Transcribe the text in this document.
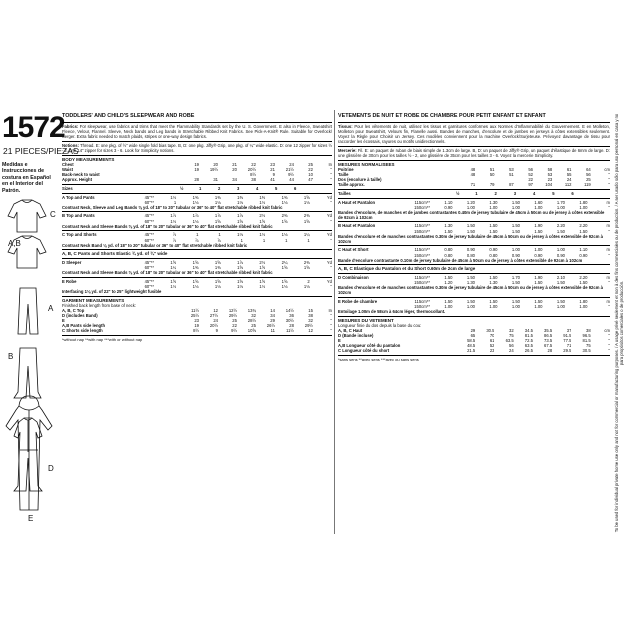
1572
21 PIECES/PIEZAS
Medidas e Instrucciones de costura en Español en el Interior del Patrón.
C
A,B
A
B
D
E
TODDLERS' AND CHILD'S SLEEPWEAR AND ROBE
Fabrics: For sleepwear, use fabrics and trims that meet the Flammability Standards set by the U. S. Government. E also in Fleece, Sweatshirt Fleece, Velour, Flannel. Sleeve, Neck bands and Leg bands in Stretchable Ribbed Knit Fabrics. See Pick-A-Knit® Rule. Suitable for Overlock/ Serger. Extra fabric needed to match plaids, stripes or one-way design fabrics.
Notions: Thread. E: one pkg. of ½" wide single fold bias tape. B, D: one pkg. Jiffy® Grip, one pkg. of ¼" wide elastic. D: one 12 zipper for sizes ½ - 2, one 14" zipper for sizes 3 - 6. Look for Simplicity notions.
BODY MEASUREMENTS
Chest	19	20	21	22	23	24	25	In
Waist	19	19½	20	20½	21	21½	22	"
Back-neck to waist				8½	9	9½	10	"
Approx. Height	28	31	34	38	41	44	47	"
Sizes	½	1	2	3	4	5	6	
A Top and Pants	45"**	1⅛	1⅜	1⅜	1⅜	1⅜	1⅜	1⅝	Yd
	60"**	1	1⅛	1⅛	1⅛	1⅛	1⅛	1⅛	"
Contrast Neck, Sleeve and Leg Bands ⅜ yd. of 18" to 20" tubular or 36" to 40" flat stretchable ribbed knit fabric
B Top and Pants	45"**	1⅞	1⅞	1⅞	1⅞	2⅛	2⅜	2⅜	Yd
	60"**	1⅛	1⅛	1⅝	1⅝	1⅝	1⅝	1⅝	"
Contrast Neck and Sleeve Bands ⅜ yd. of 18" to 20" tubular or 36" to 40" flat stretchable ribbed knit fabric
C Top and Shorts	45"**	⅞	1	1	1⅛	1⅛	1⅛	1¼	Yd
	60"**	⅞	⅞	⅞	1	1	1	1	"
Contrast Neck Band ⅛ yd. of 18" to 20" tubular or 36" to 40" flat stretchable ribbed knit fabric
A, B, C Pants and Shorts Elastic ¾ yd. of ¾" wide
D Sleeper	45"**	1⅝	1⅝	1⅝	1⅞	2⅛	2¼	2⅜	Yd
	60"**	1¼	1⅜	1⅜	1⅝	1⅝	1⅝	1⅝	"
Contrast Neck and Sleeve Bands ⅜ yd. of 18" to 20" tubular or 36" to 40" flat stretchable ribbed knit fabric
E Robe	45"**	1⅝	1⅝	1⅝	1⅝	1⅝	1⅝	2	Yd
	60"**	1⅛	1⅛	1⅛	1⅛	1⅛	1⅛	1⅛	"
Interfacing 1⅛ yd. of 22" to 25" lightweight fusible
GARMENT MEASUREMENTS
Finished back length from base of neck:
A, B, C Top	11½	12	12½	13¾	14	14½	15	In
D (includes Band)	25½	27½	29½	32	34	36	38	"
E	23	24	25	28½	29	30½	32	"
A,B Pants side length	19	20½	22	25	26½	28	29½	"
C Shorts side length	8½	9	9½	10⅝	11	11½	12	"
*without nap **with nap ***with or without nap
VETEMENTS DE NUIT ET ROBE DE CHAMBRE POUR PETIT ENFANT ET ENFANT
Tissus: Pour les vêtements de nuit, utilisez les tissus et garnitures conformes aux Normes d'Inflammabilité du Gouvernement. E en Molleton, Molleton pour Sweatshirt, Velours fin, Flanelle aussi. Bandes de manches, d'encolure et de jambes en jerseys à côtes extensibles seulement. Voyez la Règle pour Choisir un Jersey. Ces modèles conviennent pour la machine Overlock/Surjeteuse. Prévoyez davantage de tissu pour raccorder les écossais, rayures ou motifs unidirectionnels.
Mercerie: Fil. E: un paquet de ruban de biais simple de 1.3cm de large. B, D: un paquet de Jiffy® Grip, un paquet d'élastique de 6mm de large. D: une glissière de 30cm pour les tailles ½ - 2, une glissière de 35cm pour les tailles 3 - 6. Voyez la mercerie Simplicity.
MESURES NORMALISEES
Poitrine	48	51	53	56	58	61	64	cm
Taille	48	50	51	52	53	55	56	"
Dos (encolure à taille)				22	23	24	25	"
Taille approx.	71	79	87	97	104	112	119	"
Tailles	½	1	2	3	4	5	6	
A Haut et Pantalon	115cm**	1.10	1.20	1.30	1.50	1.60	1.70	1.80	m
	150cm**	0.90	1.00	1.00	1.00	1.00	1.00	1.00	"
Bandes d'encolure, de manches et de jambes contrastantes 0.40m de jersey tubulaire de 45cm à 50cm ou de jersey à côtes extensible de 92cm à 102cm
B Haut et Pantalon	115cm**	1.30	1.50	1.50	1.50	1.90	2.20	2.20	m
	150cm**	1.50	1.50	1.50	1.50	1.50	1.50	1.50	"
Bandes d'encolure et de manches contrastantes 0.30m de jersey tubulaire de 45cm à 50cm ou de jersey à côtes extensible de 92cm à 102cm
C Haut et Short	115cm**	0.80	0.90	0.90	1.00	1.00	1.00	1.10	m
	150cm**	0.80	0.80	0.80	0.90	0.90	0.90	0.90	"
Bande d'encolure contrastante 0.10m de jersey tubulaire de 45cm à 50cm ou de jersey à côtes extensible de 92cm à 102cm
A, B, C Elastique du Pantalon et du Short 0.60m de 2cm de large
D Combinaison	115cm**	1.50	1.50	1.50	1.70	1.90	2.10	2.20	m
	150cm**	1.20	1.30	1.30	1.50	1.50	1.50	1.50	"
Bandes d'encolure et de manches contrastantes 0.30m de jersey tubulaire de 45cm à 50cm ou de jersey à côtes extensible de 92cm à 102cm
E Robe de chambre	115cm**	1.50	1.50	1.50	1.50	1.50	1.50	1.80	m
	150cm**	1.00	1.00	1.00	1.00	1.00	1.00	1.00	"
Entoilage 1.00m de 58cm à 64cm léger, thermocollant.
MESURES DU VETEMENT
Longueur finie du dos depuis la base du cou:
A, B, C Haut	29	30.5	32	34.5	35.5	37	38	cm
D (Bande incluse)	65	70	75	81.5	86.5	91.5	96.5	"
E	58.5	61	63.5	72.5	73.5	77.5	81.5	"
A,B Longueur côté du pantalon	48.5	52	56	63.5	67.5	71	75	"
C Longueur côté du short	21.5	23	24	26.5	28	29.5	30.5	"
*sans sens **avec sens ***avec ou sans sens	To be used for individual private home use only and not for commercial or manufacturing purposes. / A usage privé seulement et non à des fins commerciales ou de production. / A ser usado sólo para uso personal en casa y no para propósitos comerciales o de producción.
